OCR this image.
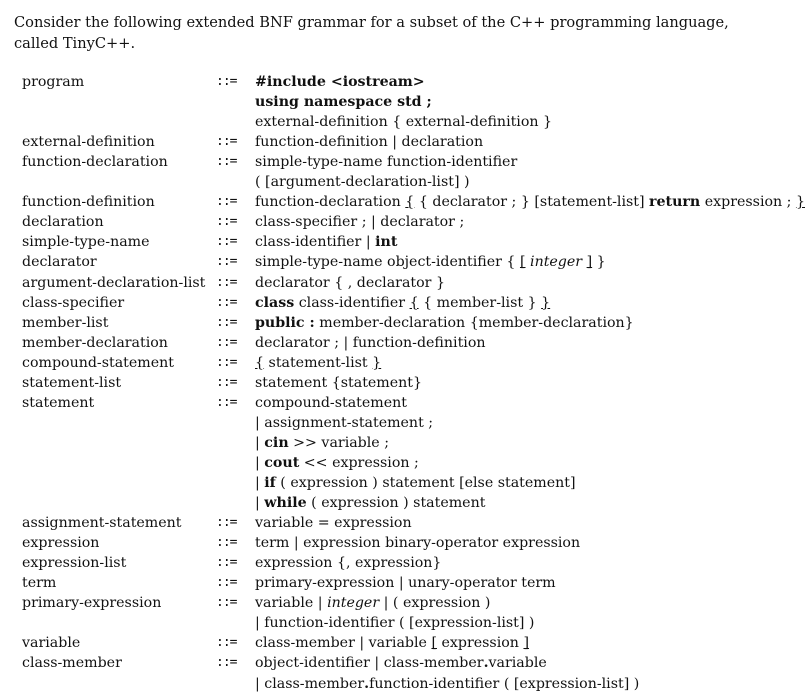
Consider the following extended BNF grammar for a subset of the C++ programming language,
called TinyC++.
program	::= #include <iostream>
using namespace std ;
external-definition { external-definition }
external-definition	::= function-definition | declaration
function-declaration	::= simple-type-name function-identifier
( [argument-declaration-list] )
function-definition	::= function-declaration { { declarator ; } [statement-list] return expression ; }
declaration	::= class-specifier ; | declarator ;
simple-type-name	::= class-identifier | int
declarator	::= simple-type-name object-identifier { [ integer ] }
argument-declaration-list ::= declarator { , declarator }
class-specifier	::= class class-identifier { { member-list } }
member-list	::= public : member-declaration {member-declaration}
member-declaration	::= declarator ; | function-definition
compound-statement	::= { statement-list }
statement-list	::= statement {statement}
statement	::= compound-statement
| assignment-statement ;
| cin >> variable ;
| cout << expression ;
| if ( expression ) statement [else statement]
| while ( expression ) statement
assignment-statement	::= variable = expression
expression	::= term | expression binary-operator expression
expression-list	::= expression {, expression}
term	::= primary-expression | unary-operator term
primary-expression	::= variable | integer | ( expression )
| function-identifier ( [expression-list] )
variable	::= class-member | variable [ expression ]
class-member	::= object-identifier | class-member.variable
| class-member.function-identifier ( [expression-list] )
